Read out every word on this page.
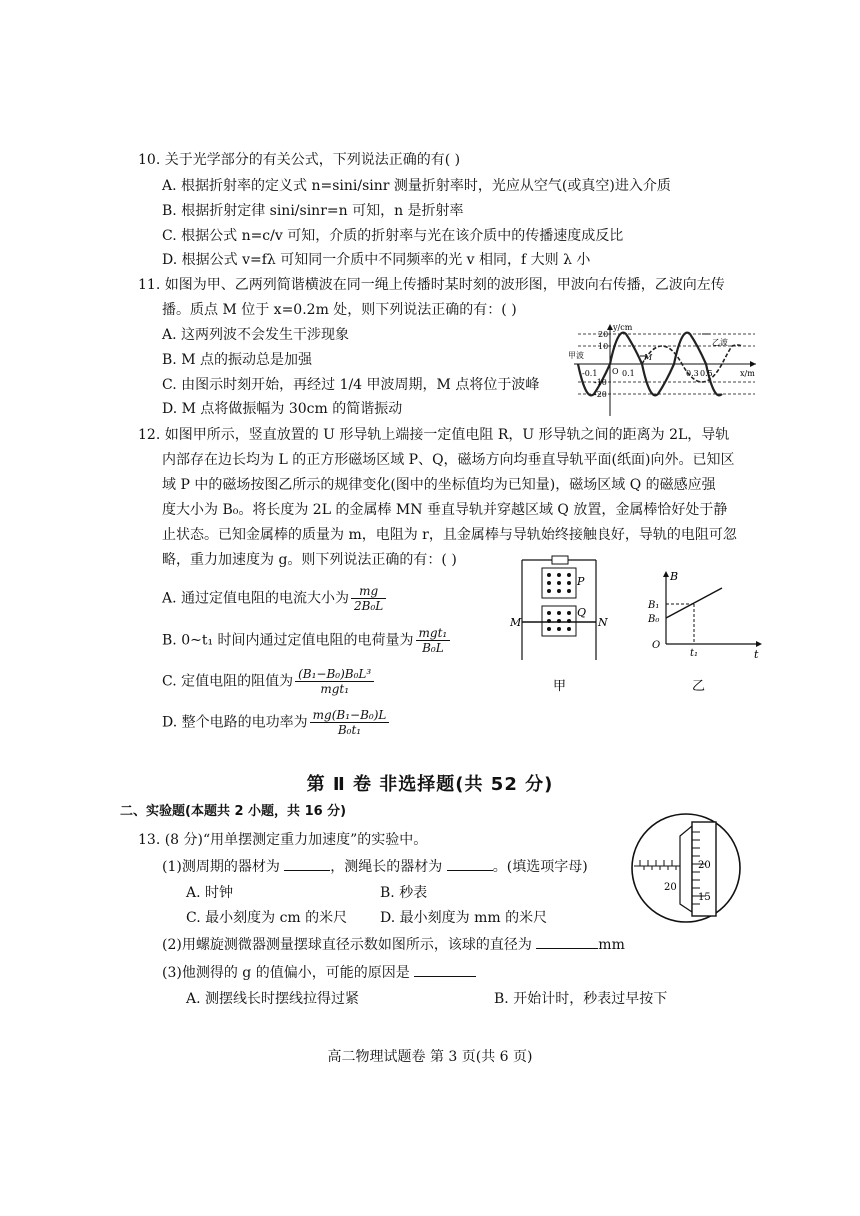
10. 关于光学部分的有关公式，下列说法正确的有( )
A. 根据折射率的定义式 n=sini/sinr 测量折射率时，光应从空气(或真空)进入介质
B. 根据折射定律 sini/sinr=n 可知，n 是折射率
C. 根据公式 n=c/v 可知，介质的折射率与光在该介质中的传播速度成反比
D. 根据公式 v=fλ 可知同一介质中不同频率的光 v 相同，f 大则 λ 小
11. 如图为甲、乙两列简谐横波在同一绳上传播时某时刻的波形图，甲波向右传播，乙波向左传
播。质点 M 位于 x=0.2m 处，则下列说法正确的有：( )
A. 这两列波不会发生干涉现象
B. M 点的振动总是加强
C. 由图示时刻开始，再经过 1/4 甲波周期，M 点将位于波峰
D. M 点将做振幅为 30cm 的简谐振动
y/cm
x/m
20
10
-10
-20
-0.1	0.1	0.3 0.5
O
甲波
乙波
M
12. 如图甲所示，竖直放置的 U 形导轨上端接一定值电阻 R，U 形导轨之间的距离为 2L，导轨
内部存在边长均为 L 的正方形磁场区域 P、Q，磁场方向均垂直导轨平面(纸面)向外。已知区
域 P 中的磁场按图乙所示的规律变化(图中的坐标值均为已知量)，磁场区域 Q 的磁感应强
度大小为 B₀。将长度为 2L 的金属棒 MN 垂直导轨并穿越区域 Q 放置，金属棒恰好处于静
止状态。已知金属棒的质量为 m，电阻为 r，且金属棒与导轨始终接触良好，导轨的电阻可忽
略，重力加速度为 g。则下列说法正确的有：( )
A. 通过定值电阻的电流大小为 $\frac{mg}{\text{2B₀L}}$
B. 0~t₁ 时间内通过定值电阻的电荷量为 $\frac{\text{mgt₁}}{\text{B₀L}}$
C. 定值电阻的阻值为 $\frac{\text{(B₁−B₀)B₀L³}}{\text{mgt₁}}$
D. 整个电路的电功率为 $\frac{\text{mg(B₁−B₀)L}}{\text{B₀t₁}}$
P
Q
M	N
甲
B
t
B₁
B₀
O
t₁
乙
第 Ⅱ 卷 非选择题(共 52 分)
二、实验题(本题共 2 小题，共 16 分)
13. (8 分)“用单摆测定重力加速度”的实验中。
(1)测周期的器材为	，测绳长的器材为	。(填选项字母)
A. 时钟	B. 秒表
C. 最小刻度为 cm 的米尺 D. 最小刻度为 mm 的米尺
(2)用螺旋测微器测量摆球直径示数如图所示，该球的直径为	mm
(3)他测得的 g 的值偏小，可能的原因是
A. 测摆线长时摆线拉得过紧	B. 开始计时，秒表过早按下
20
20
15
高二物理试题卷 第 3 页(共 6 页)
